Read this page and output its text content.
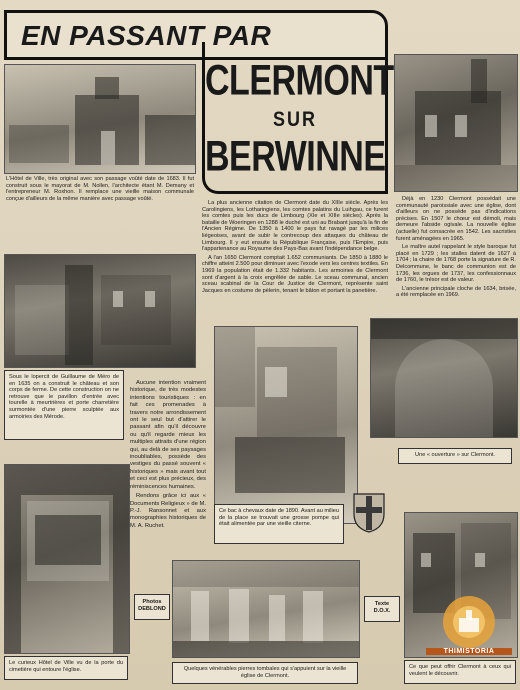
EN PASSANT PAR
CLERMONT
SUR
BERWINNE
L'Hôtel de Ville, très original avec son passage voûté date de 1683. Il fut construit sous le mayorat de M. Nollen, l'architecte étant M. Demany et l'entrepreneur M. Roxhon. Il remplace une vieille maison communale conçue d'ailleurs de la même manière avec passage voûté.

La plus ancienne citation de Clermont date du XIIIe siècle. Après les Carolingiens, les Lotharingiens, les comtes palatins du Luihgau, ce furent les comtes puis les ducs de Limbourg (XIe et XIIIe siècles). Après la bataille de Woeringen en 1288 le duché est uni au Brabant jusqu'à la fin de l'Ancien Régime. De 1350 à 1400 le pays fut ravagé par les milices liégeoises, avant de subir le contrecoup des attaques du château de Limbourg. Il y eut ensuite la République Française, puis l'Empire, puis l'appartenance au Royaume des Pays-Bas avant l'indépendance belge.

A l'an 1650 Clermont comptait 1.652 communiants. De 1850 à 1880 le chiffre atteint 2.500 pour diminuer avec l'exode vers les centres textiles. En 1969 la population était de 1.332 habitants. Les armoiries de Clermont sont d'argent à la croix engrêlée de sable. Le sceau communal, ancien sceau scabinal de la Cour de Justice de Clermont, représente saint Jacques en costume de pèlerin, tenant le bâton et portant la panetière.

Déjà en 1230 Clermont possédait une communauté paroissiale avec une église, dont d'ailleurs on ne possède pas d'indications précises. En 1507 le chœur est démoli, mais demeure l'abside ogivale. La nouvelle église (actuelle) fut consacrée en 1542. Les sacristies furent aménagées en 1965.

Le maître autel rappelant le style baroque fut placé en 1729 ; les stalles datent de 1627 à 1704 ; la chaire de 1768 porte la signature de R. Delcommune, le banc de communion est de 1736, les orgues de 1737, les confessionnaux de 1760, le trésor est de valeur.

L'ancienne principale cloche de 1634, brisée, a été remplacée en 1969.

Sous le lopercit de Guillaume de Méro de en 1635 on a construit le château et son corps de ferme. De cette construction on ne retrouve que le pavillon d'entrée avec tourelle à meurtrières et porte charretière surmontée d'une pierre sculptée aux armoiries des Mérode.

Aucune intention vraiment historique, de très modestes intentions touristiques : en fait ces promenades à travers notre arrondissement ont le seul but d'attirer le passant afin qu'il découvre ou qu'il regarde mieux les multiples attraits d'une région qui, au delà de ses paysages inoubliables, possède des vestiges du passé souvent « historiques » mais avant tout et ceci est plus précieux, des réminiscences humaines.

Rendons grâce ici aux « Documents Religieux » de M. P.-J. Ransonnet et aux monographies historiques de M. A. Ruchet.

Ce bac à chevaux date de 1890. Avant au milieu de la place se trouvait une grosse pompe qui était alimentée par une vieille citerne.
Une « ouverture » sur Clermont.
Le curieux Hôtel de Ville vu de la porte du cimetière qui entoure l'église.
Photos
DEBLOND
Quelques vénérables pierres tombales qui s'appuient sur la vieille église de Clermont.
Texte
D.O.X.
Ce que peut offrir Clermont à ceux qui veulent le découvrir.
THIMISTORIA
